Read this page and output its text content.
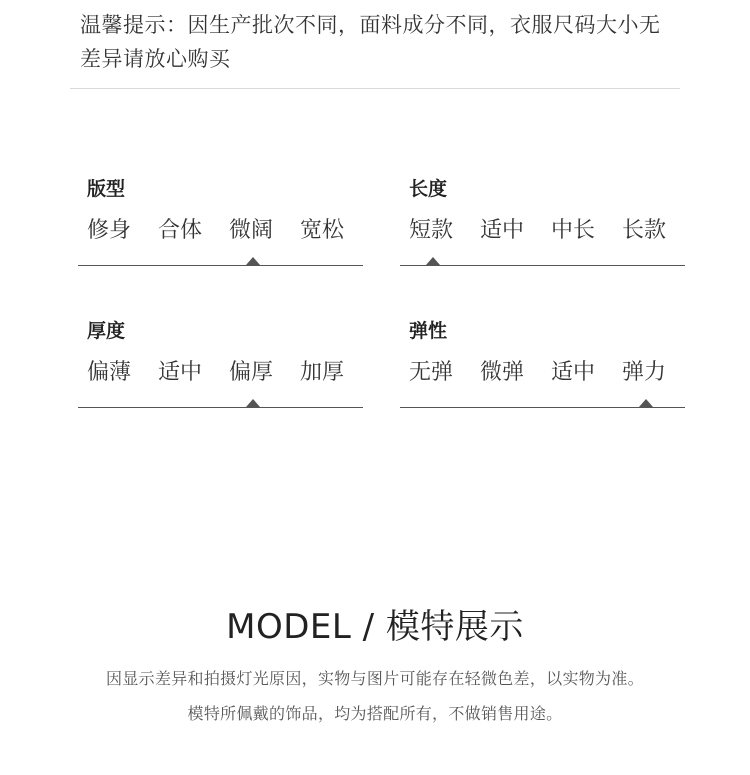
温馨提示：因生产批次不同，面料成分不同，衣服尺码大小无差异请放心购买
版型
修身 合体 微阔 宽松
长度
短款 适中 中长 长款
厚度
偏薄 适中 偏厚 加厚
弹性
无弹 微弹 适中 弹力
MODEL / 模特展示
因显示差异和拍摄灯光原因，实物与图片可能存在轻微色差，以实物为准。
模特所佩戴的饰品，均为搭配所有，不做销售用途。
